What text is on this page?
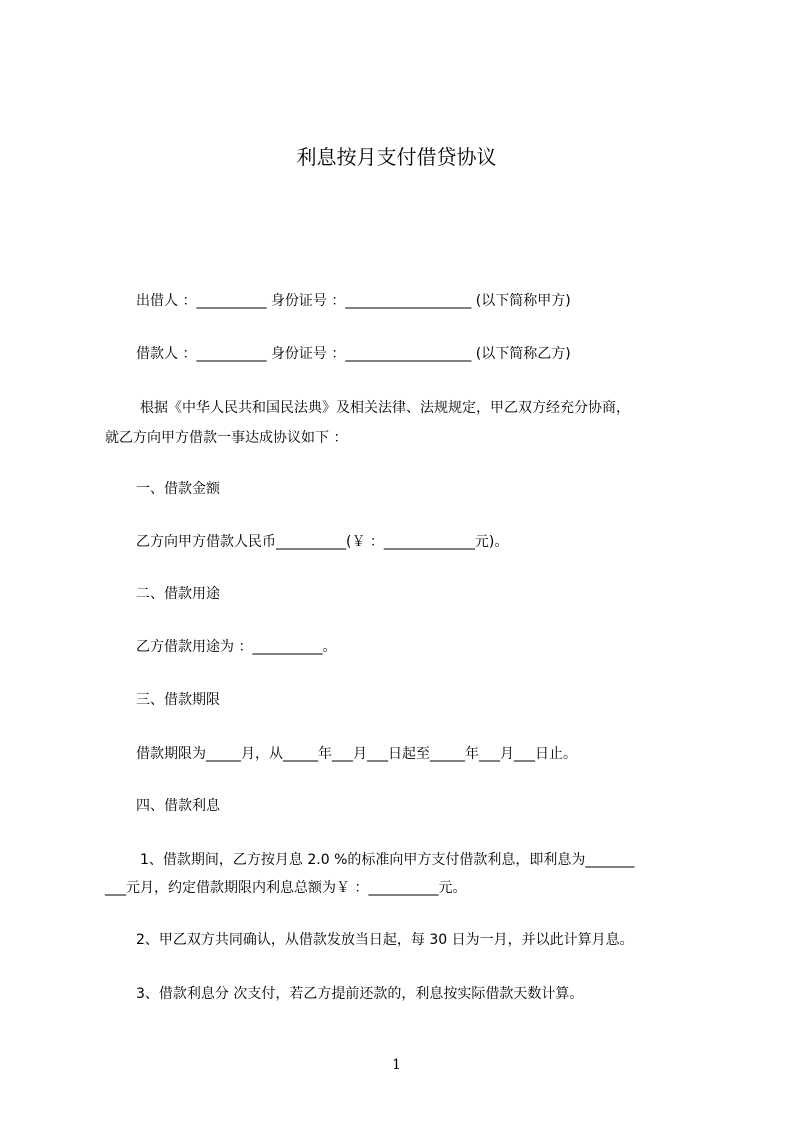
利息按月支付借贷协议
出借人 ：__________ 身份证号 ：__________________ (以下简称甲方)
借款人 ：__________ 身份证号 ：__________________ (以下简称乙方)
根据《中华人民共和国民法典》及相关法律、法规规定，甲乙双方经充分协商，
就乙方向甲方借款一事达成协议如下 ：
一、借款金额
乙方向甲方借款人民币__________(￥ ：_____________元)。
二、借款用途
乙方借款用途为 ：__________。
三、借款期限
借款期限为_____月，从_____年___月___日起至_____年___月___日止。
四、借款利息
1、借款期间，乙方按月息 2.0 %的标准向甲方支付借款利息，即利息为_______
___元月，约定借款期限内利息总额为￥ ：__________元。
2、甲乙双方共同确认，从借款发放当日起，每 30 日为一月，并以此计算月息。
3、借款利息分 次支付，若乙方提前还款的，利息按实际借款天数计算。
1
